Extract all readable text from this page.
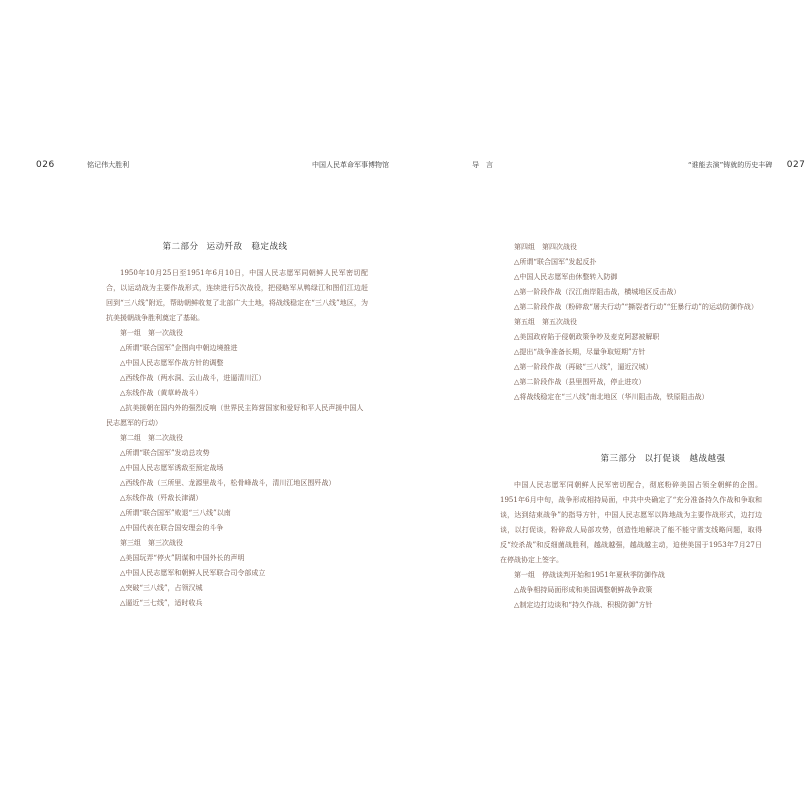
026	铭记伟大胜利	中国人民革命军事博物馆
第二部分 运动歼敌　稳定战线

1950年10月25日至1951年6月10日，中国人民志愿军同朝鲜人民军密切配合，以运动战为主要作战形式，连续进行5次战役，把侵略军从鸭绿江和图们江边赶回到“三八线”附近，帮助朝鲜收复了北部广大土地，将战线稳定在“三八线”地区，为抗美援朝战争胜利奠定了基础。

第一组　第一次战役

△所谓“联合国军”企图向中朝边境推进

△中国人民志愿军作战方针的调整

△西线作战（两水洞、云山战斗，进逼清川江）

△东线作战（黄草岭战斗）

△抗美援朝在国内外的强烈反响（世界民主阵营国家和爱好和平人民声援中国人民志愿军的行动）

第二组　第二次战役

△所谓“联合国军”发动总攻势

△中国人民志愿军诱敌至预定战场

△西线作战（三所里、龙源里战斗，松骨峰战斗，清川江地区围歼战）

△东线作战（歼敌长津湖）

△所谓“联合国军”败退“三八线”以南

△中国代表在联合国安理会的斗争

第三组　第三次战役

△美国玩弄“停火”阴谋和中国外长的声明

△中国人民志愿军和朝鲜人民军联合司令部成立

△突破“三八线”，占领汉城

△逼近“三七线”，适时收兵

导　言	“谁能去演”铸就的历史丰碑 027

第四组　第四次战役

△所谓“联合国军”发起反扑

△中国人民志愿军由休整转入防御

△第一阶段作战（汉江南岸阻击战，横城地区反击战）

△第二阶段作战（粉碎敌“屠夫行动”“撕裂者行动”“狂暴行动”的运动防御作战）

第五组　第五次战役

△美国政府陷于侵朝政策争吵及麦克阿瑟被解职

△提出“战争准备长期，尽量争取短期”方针

△第一阶段作战（再破“三八线”，逼近汉城）

△第二阶段作战（县里围歼战，停止进攻）

△将战线稳定在“三八线”南北地区（华川阻击战，铁原阻击战）

第三部分 以打促谈　越战越强

中国人民志愿军同朝鲜人民军密切配合，彻底粉碎美国占领全朝鲜的企图。1951年6月中旬，战争形成相持局面，中共中央确定了“充分准备持久作战和争取和谈，达到结束战争”的指导方针，中国人民志愿军以阵地战为主要作战形式，边打边谈，以打促谈，粉碎敌人局部攻势，创造性地解决了能不能守需支线略问题，取得反“绞杀战”和反细菌战胜利，越战越强，越战越主动，迫使美国于1953年7月27日在停战协定上签字。

第一组　停战谈判开始和1951年夏秋季防御作战

△战争相持局面形成和美国调整朝鲜战争政策

△制定边打边谈和“持久作战、积极防御”方针
